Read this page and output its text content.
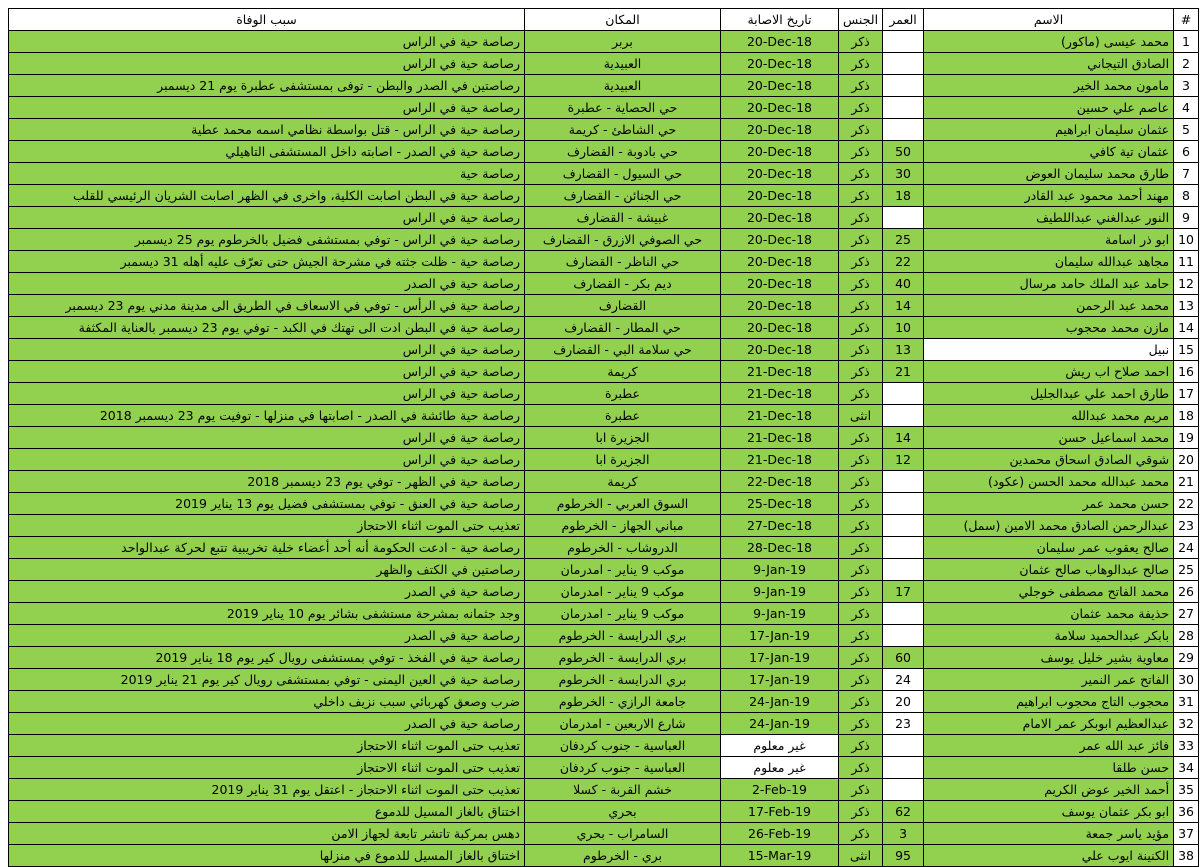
#	الاسم	العمر	الجنس	تاريخ الاصابة	المكان	سبب الوفاة
1	محمد عيسى (ماكور)		ذكر	20-Dec-18	بربر	رصاصة حية في الراس
2	الصادق التيجاني		ذكر	20-Dec-18	العبيدية	رصاصة حية في الراس
3	مامون محمد الخير		ذكر	20-Dec-18	العبيدية	رصاصتين في الصدر والبطن - توفى بمستشفى عطبرة يوم 21 ديسمبر
4	عاصم علي حسين		ذكر	20-Dec-18	حي الحصاية - عطبرة	رصاصة حية في الراس
5	عثمان سليمان ابراهيم		ذكر	20-Dec-18	حي الشاطئ - كريمة	رصاصة حية في الراس - قتل بواسطة نظامي اسمه محمد عطية
6	عثمان تية كافي	50	ذكر	20-Dec-18	حي بادوبة - القضارف	رصاصة حية في الصدر - اصابته داخل المستشفى التاهيلي
7	طارق محمد سليمان العوض	30	ذكر	20-Dec-18	حي السيول - القضارف	رصاصة حية
8	مهند أحمد محمود عبد القادر	18	ذكر	20-Dec-18	حي الجنائن - القضارف	رصاصة حية في البطن اصابت الكلية، واخرى في الظهر اصابت الشريان الرئيسي للقلب
9	النور عبدالغني عبداللطيف		ذكر	20-Dec-18	غبيشة - القضارف	رصاصة حية في الراس
10	ابو ذر اسامة	25	ذكر	20-Dec-18	حي الصوفي الازرق - القضارف	رصاصة حية في الراس - توفي بمستشفى فضيل بالخرطوم يوم 25 ديسمبر
11	مجاهد عبدالله سليمان	22	ذكر	20-Dec-18	حي الناظر - القضارف	رصاصة حية - ظلت جثته في مشرحة الجيش حتى تعرّف عليه أهله 31 ديسمبر
12	حامد عبد الملك حامد مرسال	40	ذكر	20-Dec-18	ديم بكر - القضارف	رصاصة حية في الصدر
13	محمد عبد الرحمن	14	ذكر	20-Dec-18	القضارف	رصاصة حية في الرأس - توفي في الاسعاف في الطريق الى مدينة مدني يوم 23 ديسمبر
14	مازن محمد محجوب	10	ذكر	20-Dec-18	حي المطار - القضارف	رصاصة حية في البطن ادت الى تهتك في الكبد - توفي يوم 23 ديسمبر بالعناية المكثفة
15	نبيل	13	ذكر	20-Dec-18	حي سلامة البي - القضارف	رصاصة حية في الراس
16	احمد صلاح اب ريش	21	ذكر	21-Dec-18	كريمة	رصاصة حية في الراس
17	طارق احمد علي عبدالجليل		ذكر	21-Dec-18	عطبرة	رصاصة حية في الراس
18	مريم محمد عبدالله		انثى	21-Dec-18	عطبرة	رصاصة حية طائشة في الصدر - اصابتها في منزلها - توفيت يوم 23 ديسمبر 2018
19	محمد اسماعيل حسن	14	ذكر	21-Dec-18	الجزيرة ابا	رصاصة حية في الراس
20	شوقي الصادق اسحاق محمدين	12	ذكر	21-Dec-18	الجزيرة ابا	رصاصة حية في الراس
21	محمد عبدالله محمد الحسن (عكود)		ذكر	22-Dec-18	كريمة	رصاصة حية في الظهر - توفي يوم 23 ديسمبر 2018
22	حسن محمد عمر		ذكر	25-Dec-18	السوق العربي - الخرطوم	رصاصة حية في العنق - توفي بمستشفى فضيل يوم 13 يناير 2019
23	عبدالرحمن الصادق محمد الامين (سمل)		ذكر	27-Dec-18	مباني الجهاز - الخرطوم	تعذيب حتى الموت اثناء الاحتجاز
24	صالح يعقوب عمر سليمان		ذكر	28-Dec-18	الدروشاب - الخرطوم	رصاصة حية - ادعت الحكومة أنه أحد أعضاء خلية تخريبية تتبع لحركة عبدالواحد
25	صالح عبدالوهاب صالح عثمان		ذكر	9-Jan-19	موكب 9 يناير - امدرمان	رصاصتين في الكتف والظهر
26	محمد الفاتح مصطفى خوجلي	17	ذكر	9-Jan-19	موكب 9 يناير - امدرمان	رصاصة حية في الصدر
27	حذيفة محمد عثمان		ذكر	9-Jan-19	موكب 9 يناير - امدرمان	وجد جثمانه بمشرحة مستشفى بشائر يوم 10 يناير 2019
28	بابكر عبدالحميد سلامة		ذكر	17-Jan-19	بري الدرايسة - الخرطوم	رصاصة حية في الصدر
29	معاوية بشير خليل يوسف	60	ذكر	17-Jan-19	بري الدرايسة - الخرطوم	رصاصة حية في الفخذ - توفي بمستشفى رويال كير يوم 18 يناير 2019
30	الفاتح عمر النمير	24	ذكر	17-Jan-19	بري الدرايسة - الخرطوم	رصاصة حية في العين اليمنى - توفي بمستشفى رويال كير يوم 21 يناير 2019
31	محجوب التاج محجوب ابراهيم	20	ذكر	24-Jan-19	جامعة الرازي - الخرطوم	ضرب وصعق كهربائي سبب نزيف داخلي
32	عبدالعظيم ابوبكر عمر الامام	23	ذكر	24-Jan-19	شارع الاربعين - امدرمان	رصاصة حية في الصدر
33	فائز عبد الله عمر		ذكر	غير معلوم	العباسية - جنوب كردفان	تعذيب حتى الموت اثناء الاحتجاز
34	حسن طلقا		ذكر	غير معلوم	العباسية - جنوب كردفان	تعذيب حتى الموت اثناء الاحتجاز
35	أحمد الخير عوض الكريم		ذكر	2-Feb-19	خشم القربة - كسلا	تعذيب حتى الموت اثناء الاحتجاز - اعتقل يوم 31 يناير 2019
36	ابو بكر عثمان يوسف	62	ذكر	17-Feb-19	بحري	اختناق بالغاز المسيل للدموع
37	مؤيد ياسر جمعة	3	ذكر	26-Feb-19	السامراب - بحري	دهس بمركبة تاتشر تابعة لجهاز الامن
38	الكنينة ايوب علي	95	انثى	15-Mar-19	بري - الخرطوم	اختناق بالغاز المسيل للدموع في منزلها
